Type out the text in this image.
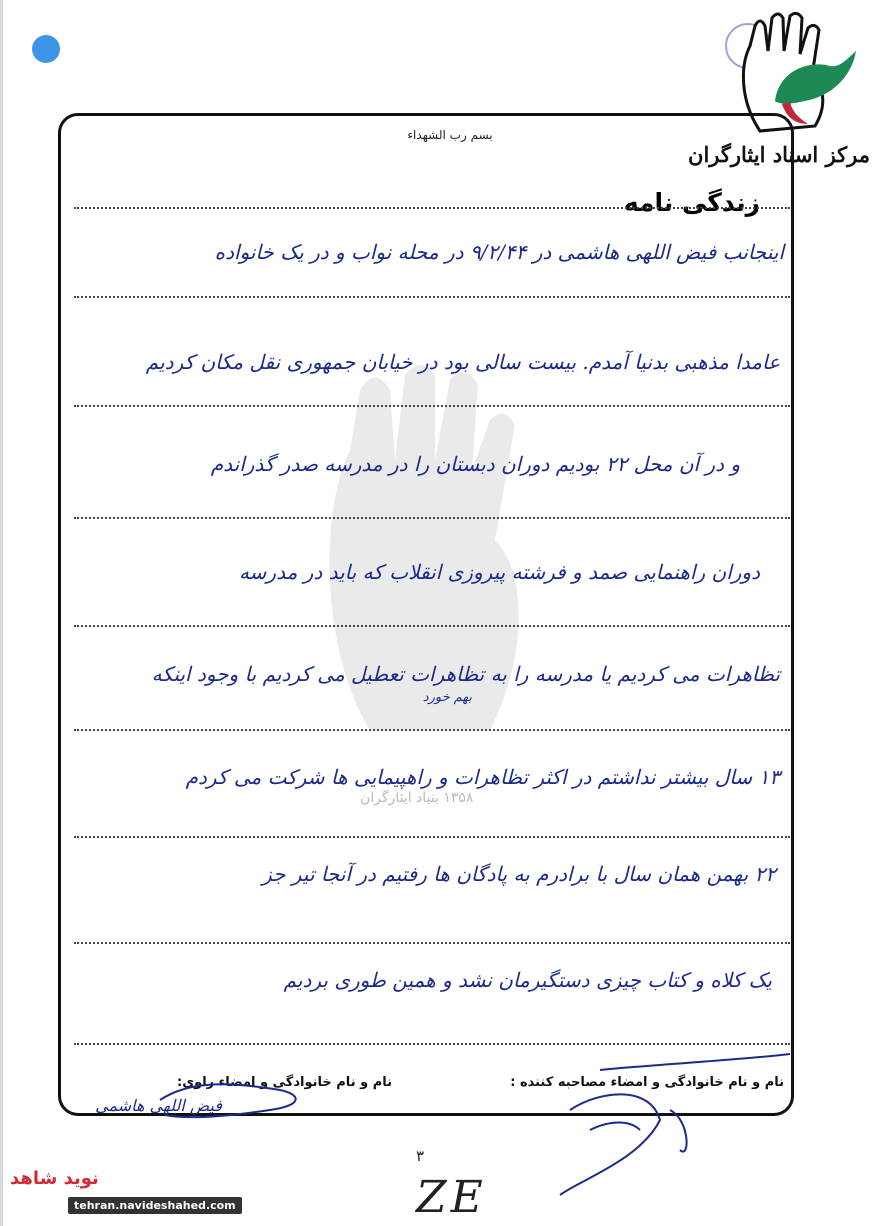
مرکز اسناد ایثارگران
۱۳۵۸ بنیاد ایثارگران
بسم رب الشهداء
زندگی نامه
اینجانب فیض اللهی هاشمی در ۹/۲/۴۴ در محله نواب و در یک خانواده
عامدا مذهبی بدنیا آمدم. بیست سالی بود در خیابان جمهوری نقل مکان کردیم
و در آن محل ۲۲ بودیم دوران دبستان را در مدرسه صدر گذراندم
دوران راهنمایی صمد و فرشته پیروزی انقلاب که باید در مدرسه
تظاهرات می کردیم یا مدرسه را به تظاهرات تعطیل می کردیم با وجود اینکه
بهم خورد
۱۳ سال بیشتر نداشتم در اکثر تظاهرات و راهپیمایی ها شرکت می کردم
۲۲ بهمن همان سال با برادرم به پادگان ها رفتیم در آنجا تیر جز
یک کلاه و کتاب چیزی دستگیرمان نشد و همین طوری بردیم
نام و نام خانوادگی و امضاء مصاحبه کننده :
نام و نام خانوادگی و امضاء راوی:
فیض اللهی هاشمی
۳
ZE
نوید شاهد
tehran.navideshahed.com
